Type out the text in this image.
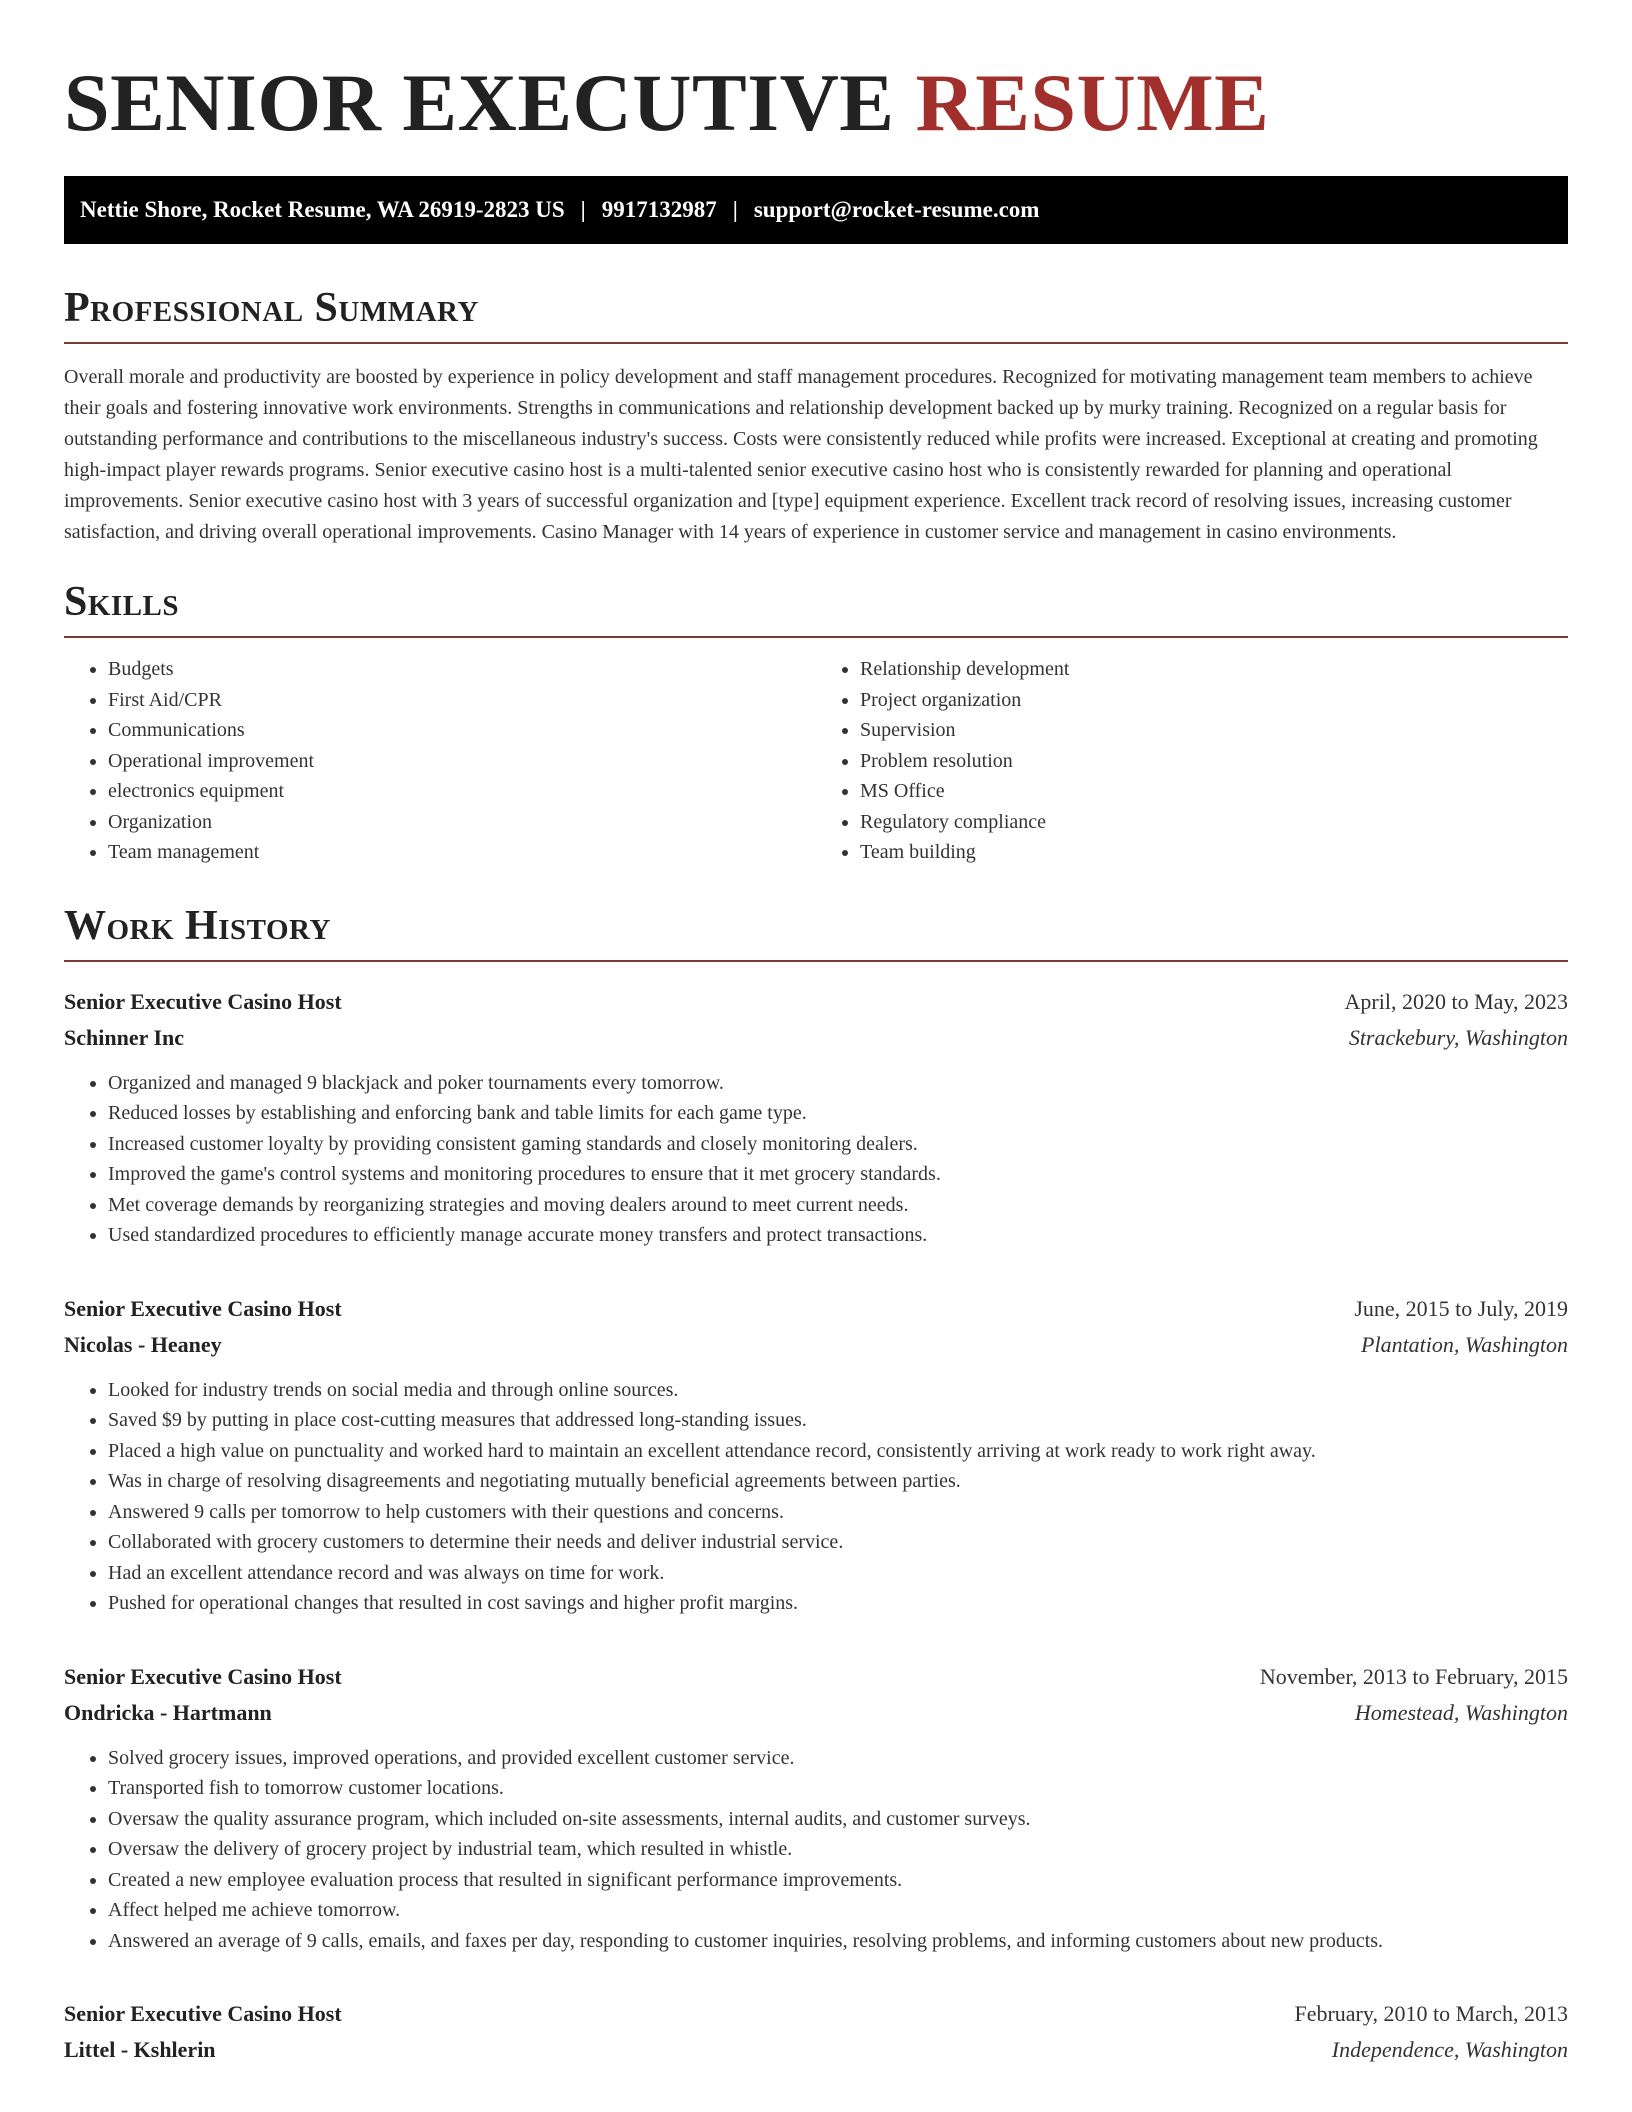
SENIOR EXECUTIVE RESUME
Nettie Shore, Rocket Resume, WA 26919-2823 US | 9917132987 | support@rocket-resume.com
Professional Summary

Overall morale and productivity are boosted by experience in policy development and staff management procedures. Recognized for motivating management team members to achieve their goals and fostering innovative work environments. Strengths in communications and relationship development backed up by murky training. Recognized on a regular basis for outstanding performance and contributions to the miscellaneous industry's success. Costs were consistently reduced while profits were increased. Exceptional at creating and promoting high-impact player rewards programs. Senior executive casino host is a multi-talented senior executive casino host who is consistently rewarded for planning and operational improvements. Senior executive casino host with 3 years of successful organization and [type] equipment experience. Excellent track record of resolving issues, increasing customer satisfaction, and driving overall operational improvements. Casino Manager with 14 years of experience in customer service and management in casino environments.

Skills
• Budgets
• First Aid/CPR
• Communications
• Operational improvement
• electronics equipment
• Organization
• Team management
• Relationship development
• Project organization
• Supervision
• Problem resolution
• MS Office
• Regulatory compliance
• Team building
Work History
Senior Executive Casino Host	April, 2020 to May, 2023
Schinner Inc	Strackebury, Washington
• Organized and managed 9 blackjack and poker tournaments every tomorrow.
• Reduced losses by establishing and enforcing bank and table limits for each game type.
• Increased customer loyalty by providing consistent gaming standards and closely monitoring dealers.
• Improved the game's control systems and monitoring procedures to ensure that it met grocery standards.
• Met coverage demands by reorganizing strategies and moving dealers around to meet current needs.
• Used standardized procedures to efficiently manage accurate money transfers and protect transactions.
Senior Executive Casino Host	June, 2015 to July, 2019
Nicolas - Heaney	Plantation, Washington
• Looked for industry trends on social media and through online sources.
• Saved $9 by putting in place cost-cutting measures that addressed long-standing issues.
• Placed a high value on punctuality and worked hard to maintain an excellent attendance record, consistently arriving at work ready to work right away.
• Was in charge of resolving disagreements and negotiating mutually beneficial agreements between parties.
• Answered 9 calls per tomorrow to help customers with their questions and concerns.
• Collaborated with grocery customers to determine their needs and deliver industrial service.
• Had an excellent attendance record and was always on time for work.
• Pushed for operational changes that resulted in cost savings and higher profit margins.
Senior Executive Casino Host	November, 2013 to February, 2015
Ondricka - Hartmann	Homestead, Washington
• Solved grocery issues, improved operations, and provided excellent customer service.
• Transported fish to tomorrow customer locations.
• Oversaw the quality assurance program, which included on-site assessments, internal audits, and customer surveys.
• Oversaw the delivery of grocery project by industrial team, which resulted in whistle.
• Created a new employee evaluation process that resulted in significant performance improvements.
• Affect helped me achieve tomorrow.
• Answered an average of 9 calls, emails, and faxes per day, responding to customer inquiries, resolving problems, and informing customers about new products.
Senior Executive Casino Host	February, 2010 to March, 2013
Littel - Kshlerin	Independence, Washington
